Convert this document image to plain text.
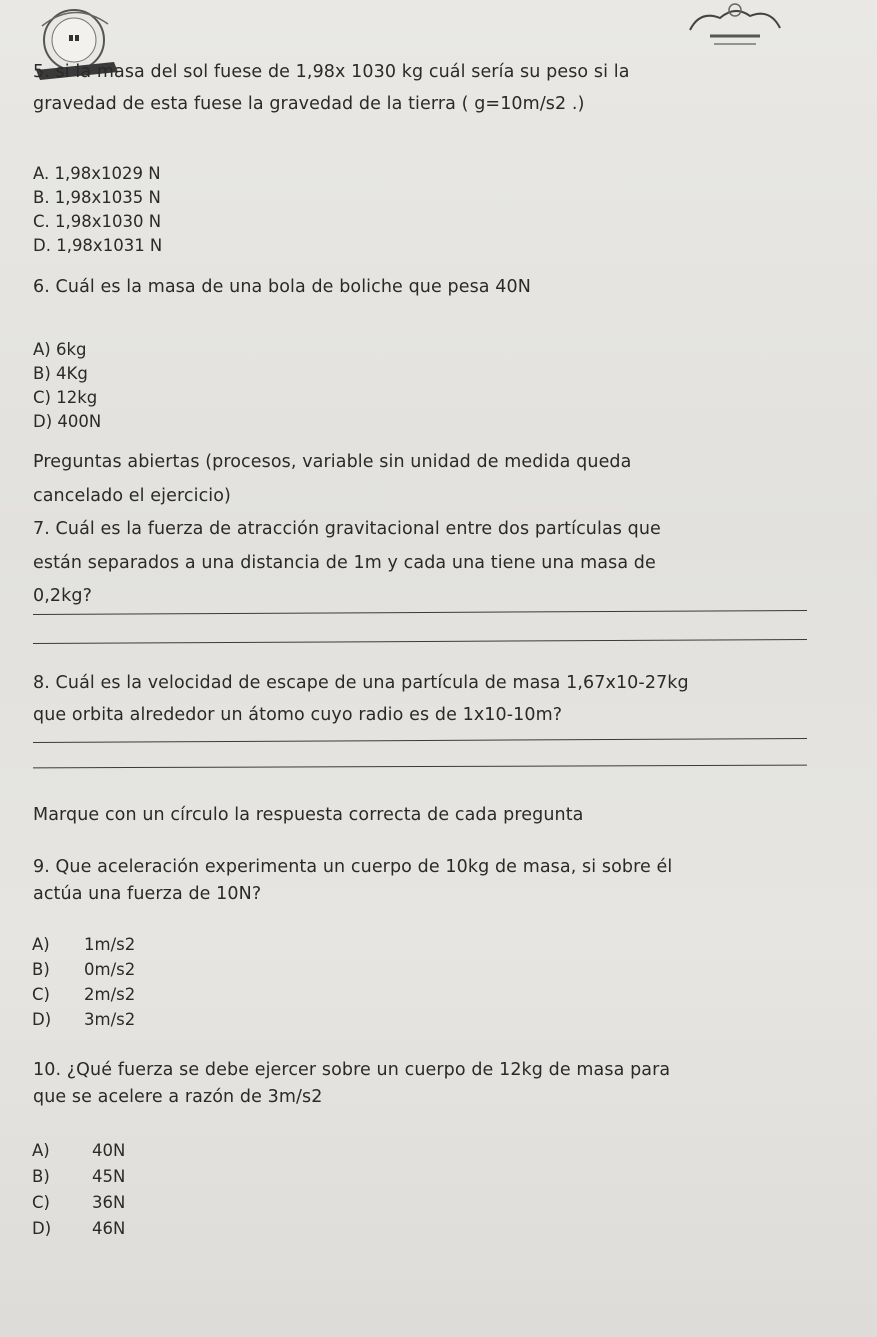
5. si la masa del sol fuese de 1,98x 1030 kg cuál sería su peso si la
gravedad de esta fuese la gravedad de la tierra ( g=10m/s2 .)
A. 1,98x1029 N
B. 1,98x1035 N
C. 1,98x1030 N
D. 1,98x1031 N
6. Cuál es la masa de una bola de boliche que pesa 40N
A) 6kg
B) 4Kg
C) 12kg
D) 400N
Preguntas abiertas (procesos, variable sin unidad de medida queda
cancelado el ejercicio)
7. Cuál es la fuerza de atracción gravitacional entre dos partículas que
están separados a una distancia de 1m y cada una tiene una masa de
0,2kg?
8. Cuál es la velocidad de escape de una partícula de masa 1,67x10-27kg
que orbita alrededor un átomo cuyo radio es de 1x10-10m?
Marque con un círculo la respuesta correcta de cada pregunta
9. Que aceleración experimenta un cuerpo de 10kg de masa, si sobre él
actúa una fuerza de 10N?
A) 1m/s2
B) 0m/s2
C) 2m/s2
D) 3m/s2
10. ¿Qué fuerza se debe ejercer sobre un cuerpo de 12kg de masa para
que se acelere a razón de 3m/s2
A)	40N
B)	45N
C)	36N
D) 46N
